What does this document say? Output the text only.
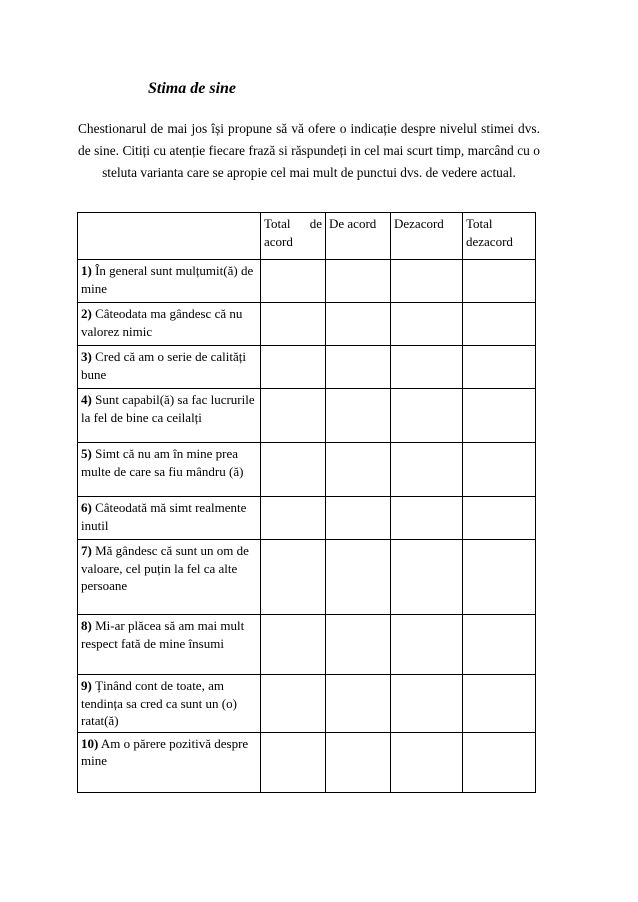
Stima de sine

Chestionarul de mai jos își propune să vă ofere o indicație despre nivelul stimei dvs. de sine. Citiți cu atenție fiecare frază si răspundeți in cel mai scurt timp, marcând cu o steluta varianta care se apropie cel mai mult de punctui dvs. de vedere actual.

	Total de acord	De acord	Dezacord	Total dezacord
1) În general sunt mulțumit(ă) de mine				
2) Câteodata ma gândesc că nu valorez nimic				
3) Cred că am o serie de calități bune				
4) Sunt capabil(ă) sa fac lucrurile la fel de bine ca ceilalți				
5) Simt că nu am în mine prea multe de care sa fiu mândru (ă)				
6) Câteodată mă simt realmente inutil				
7) Mă gândesc că sunt un om de valoare, cel puțin la fel ca alte persoane				
8) Mi-ar plăcea să am mai mult respect fată de mine însumi				
9) Ținând cont de toate, am tendința sa cred ca sunt un (o) ratat(ă)				
10) Am o părere pozitivă despre mine				
